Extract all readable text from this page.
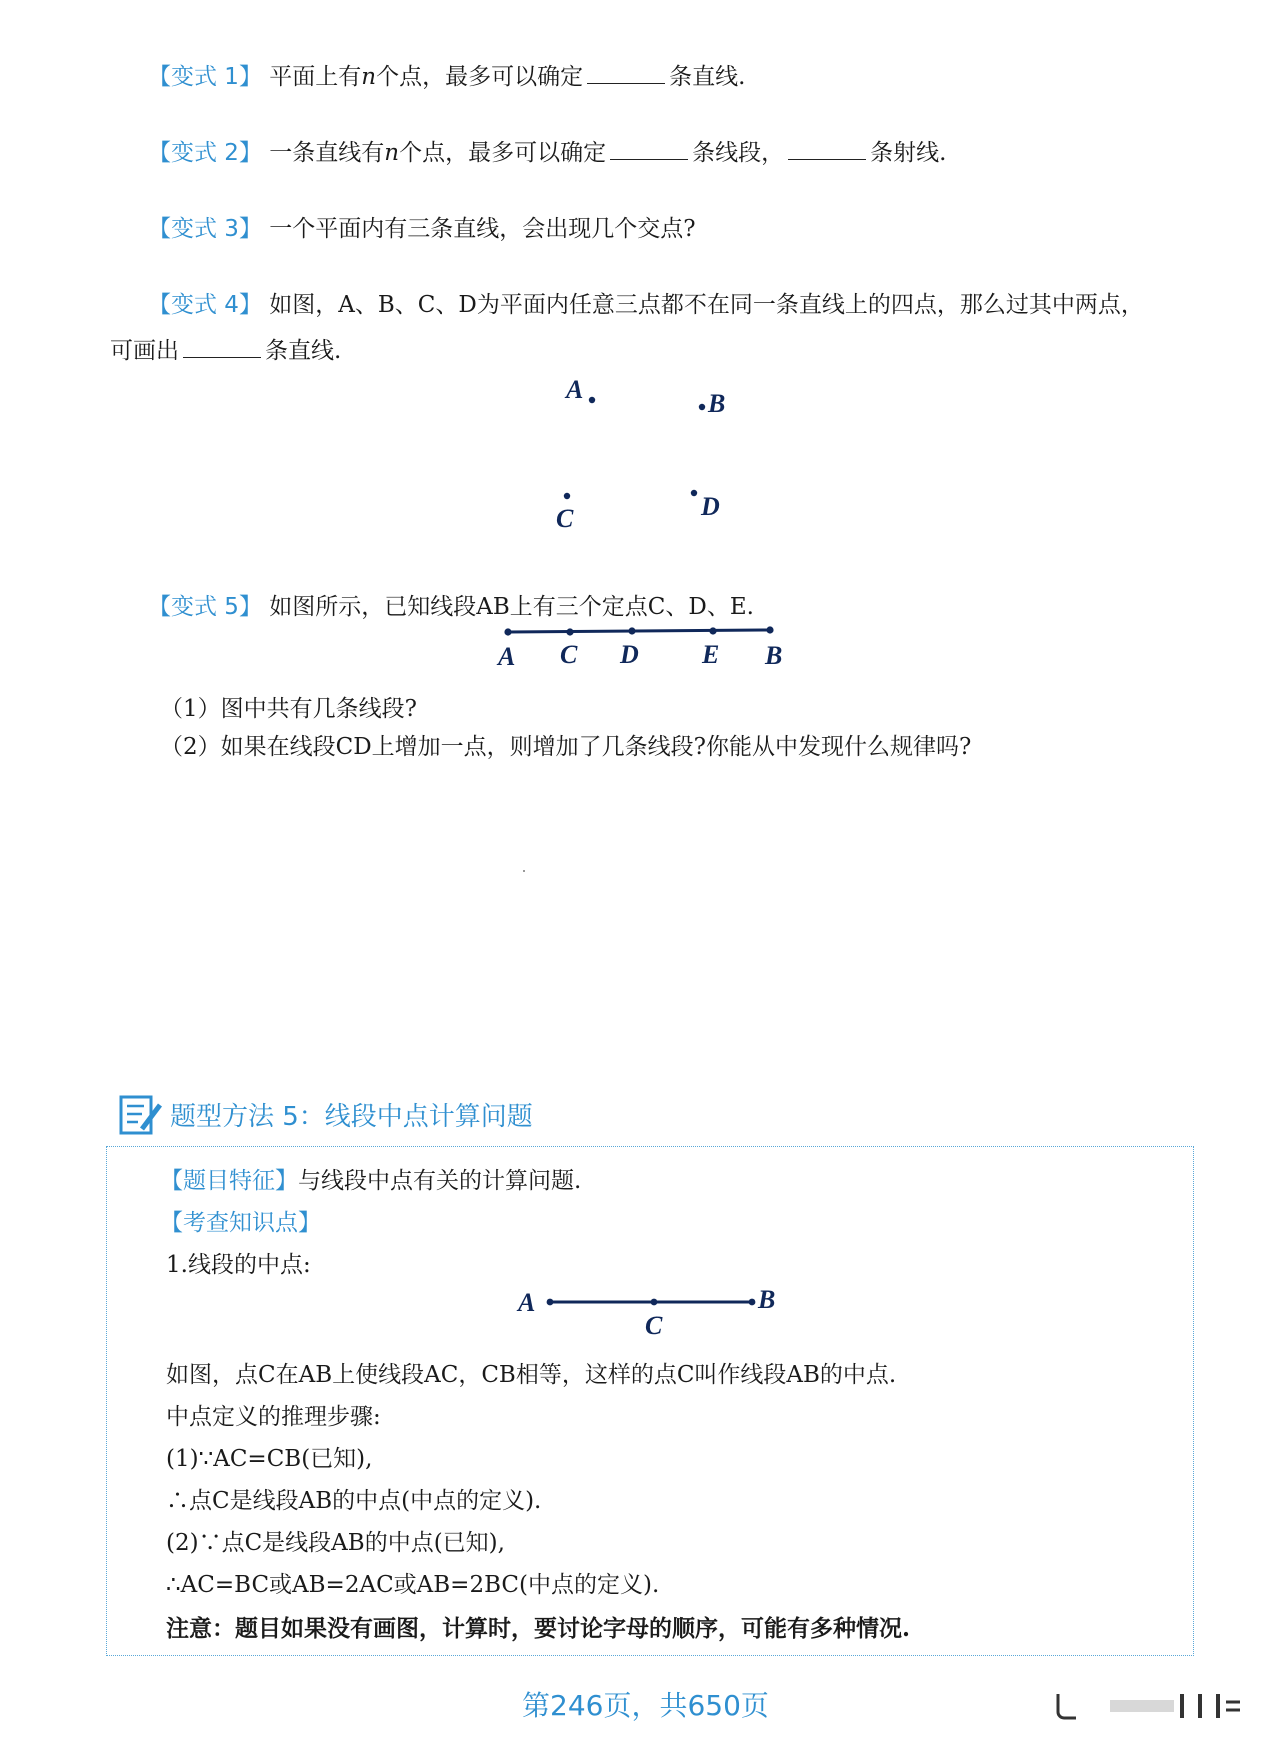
【变式 1】 平面上有n个点，最多可以确定	条直线.
【变式 2】 一条直线有n个点，最多可以确定	条线段，	条射线.
【变式 3】 一个平面内有三条直线，会出现几个交点?
【变式 4】 如图，A、B、C、D为平面内任意三点都不在同一条直线上的四点，那么过其中两点，
可画出	条直线.
A	B
C	D
【变式 5】 如图所示，已知线段AB上有三个定点C、D、E.
A C D E B
（1）图中共有几条线段?
（2）如果在线段CD上增加一点，则增加了几条线段?你能从中发现什么规律吗?
题型方法 5：线段中点计算问题
【题目特征】与线段中点有关的计算问题.
【考查知识点】
1.线段的中点:
A	B
C
如图，点C在AB上使线段AC，CB相等，这样的点C叫作线段AB的中点.
中点定义的推理步骤:
(1)∵AC=CB(已知),
∴点C是线段AB的中点(中点的定义).
(2)∵点C是线段AB的中点(已知),
∴AC=BC或AB=2AC或AB=2BC(中点的定义).
注意：题目如果没有画图，计算时，要讨论字母的顺序，可能有多种情况.
第246页，共650页
